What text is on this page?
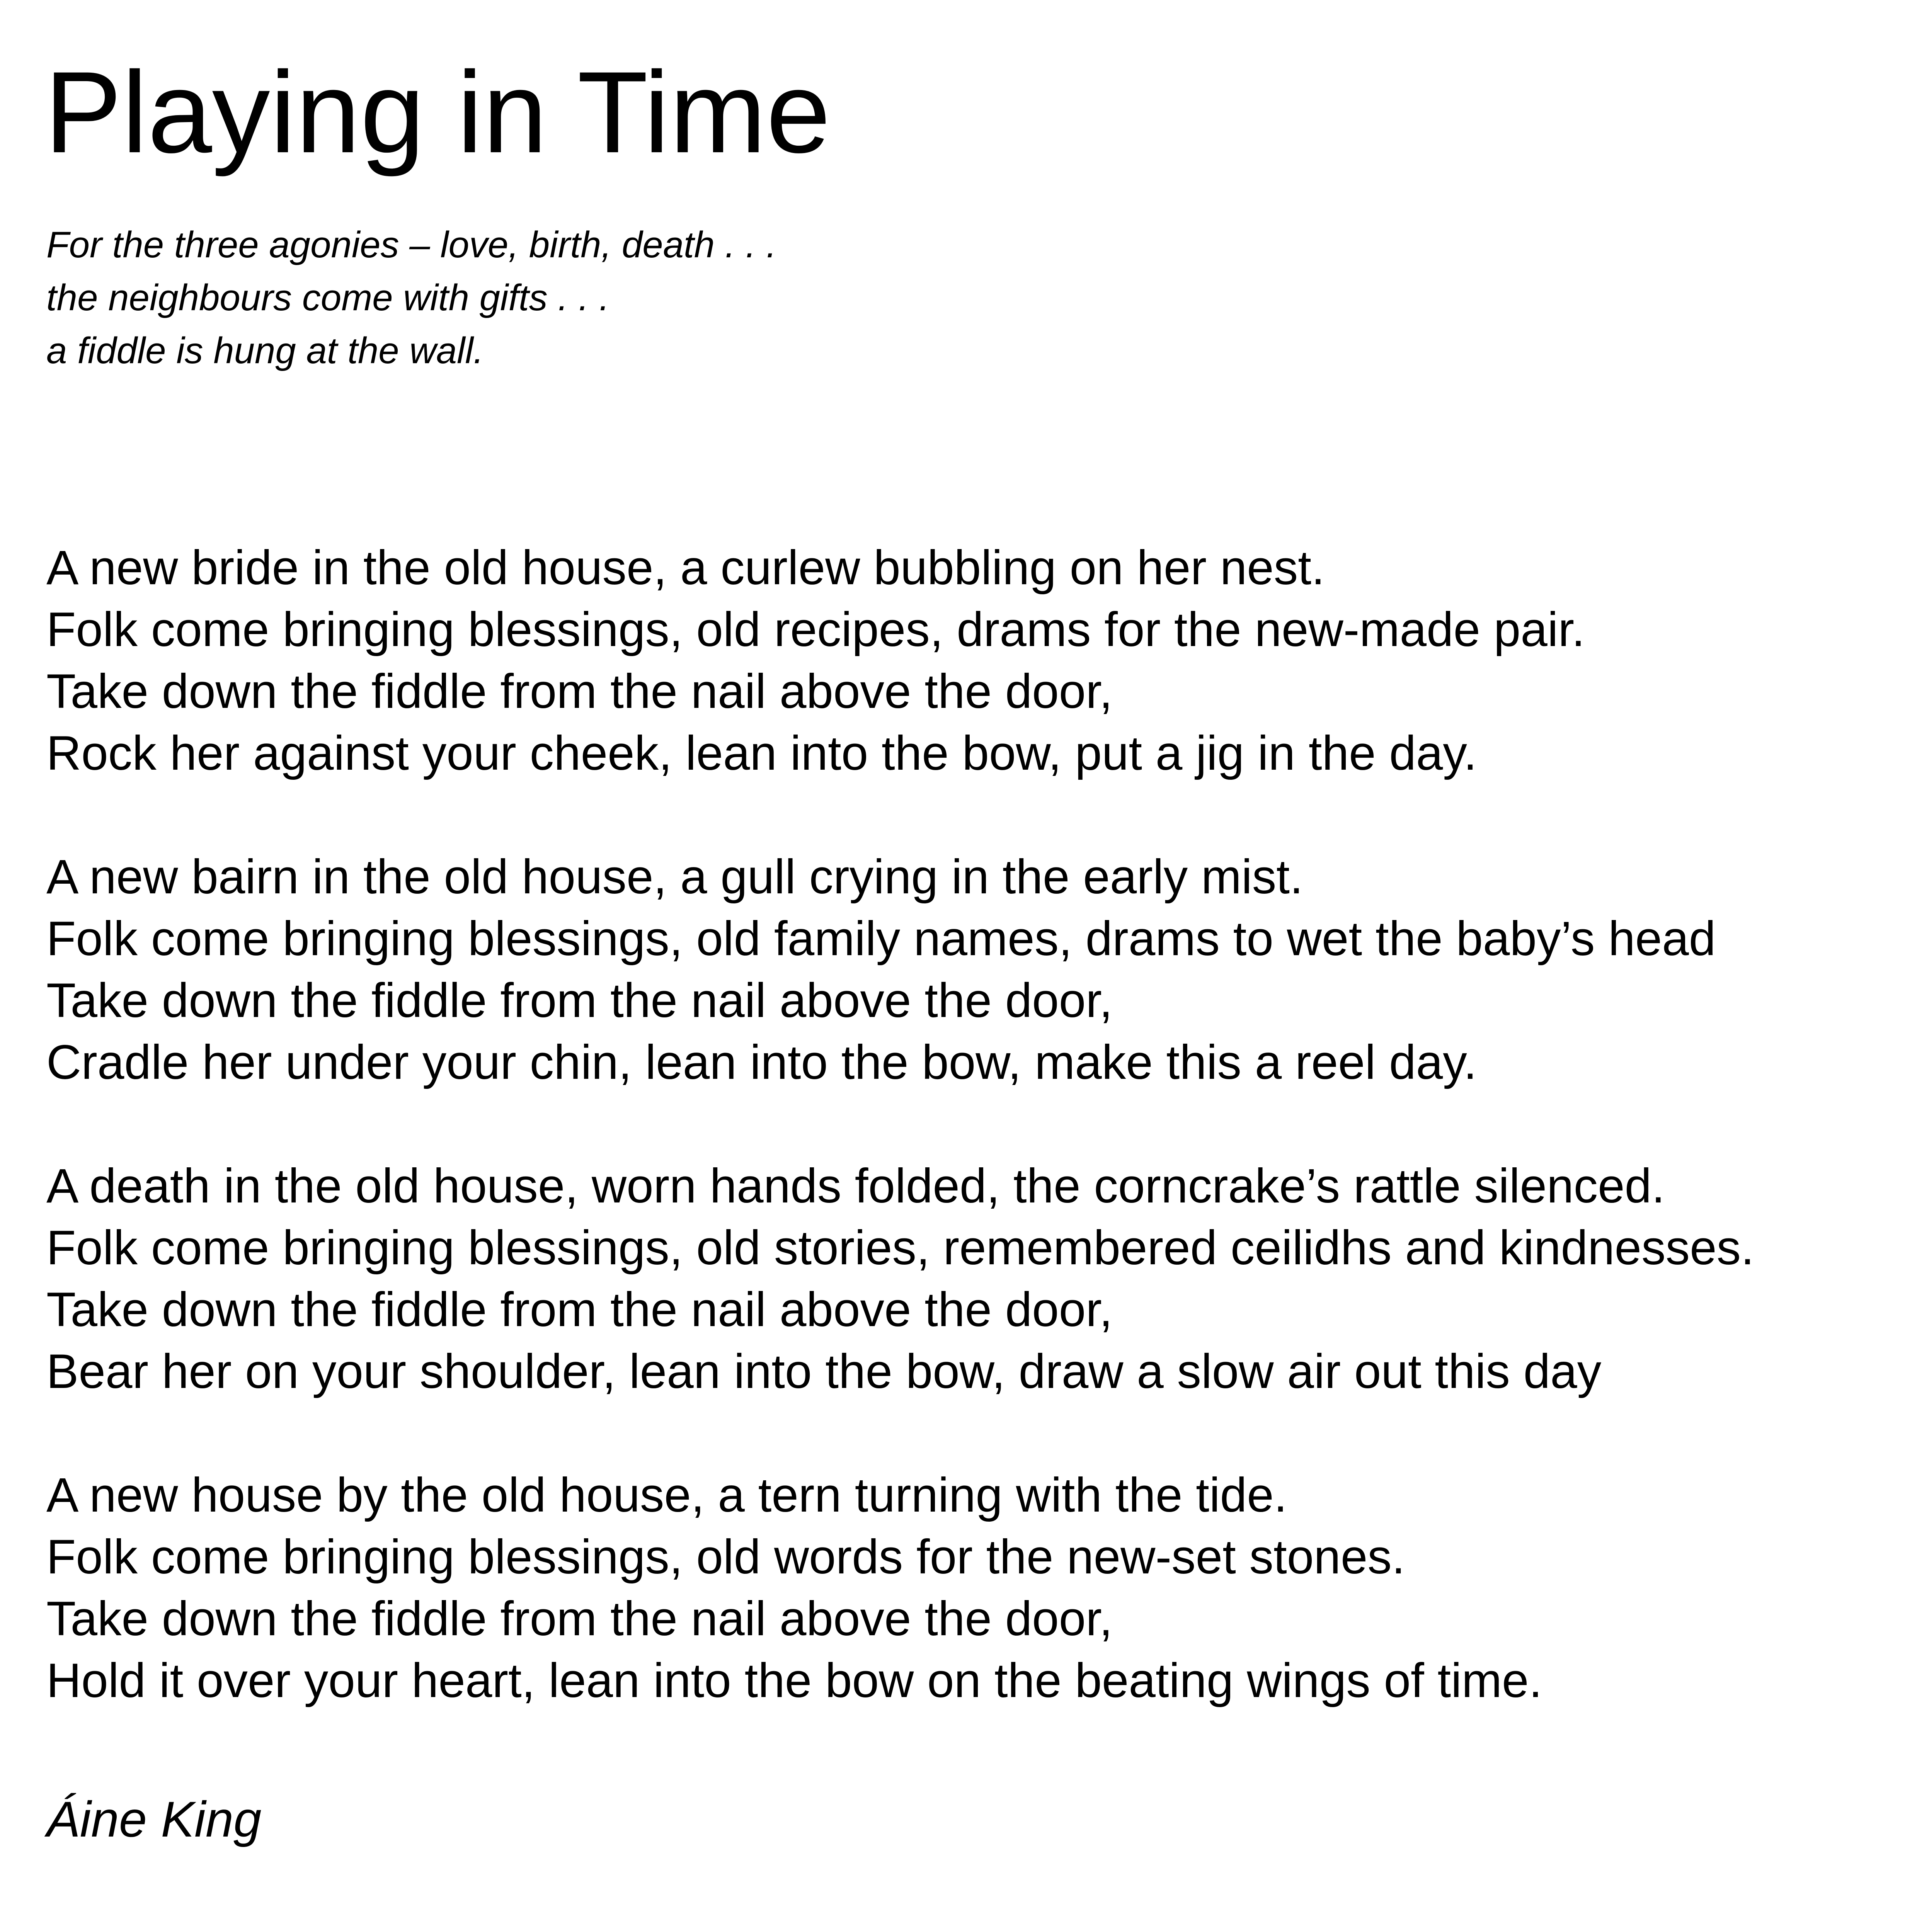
Playing in Time
For the three agonies – love, birth, death . . .
the neighbours come with gifts . . .
a fiddle is hung at the wall.
A new bride in the old house, a curlew bubbling on her nest.
Folk come bringing blessings, old recipes, drams for the new-made pair.
Take down the fiddle from the nail above the door,
Rock her against your cheek, lean into the bow, put a jig in the day.
A new bairn in the old house, a gull crying in the early mist.
Folk come bringing blessings, old family names, drams to wet the baby’s head
Take down the fiddle from the nail above the door,
Cradle her under your chin, lean into the bow, make this a reel day.
A death in the old house, worn hands folded, the corncrake’s rattle silenced.
Folk come bringing blessings, old stories, remembered ceilidhs and kindnesses.
Take down the fiddle from the nail above the door,
Bear her on your shoulder, lean into the bow, draw a slow air out this day
A new house by the old house, a tern turning with the tide.
Folk come bringing blessings, old words for the new-set stones.
Take down the fiddle from the nail above the door,
Hold it over your heart, lean into the bow on the beating wings of time.
Áine King
